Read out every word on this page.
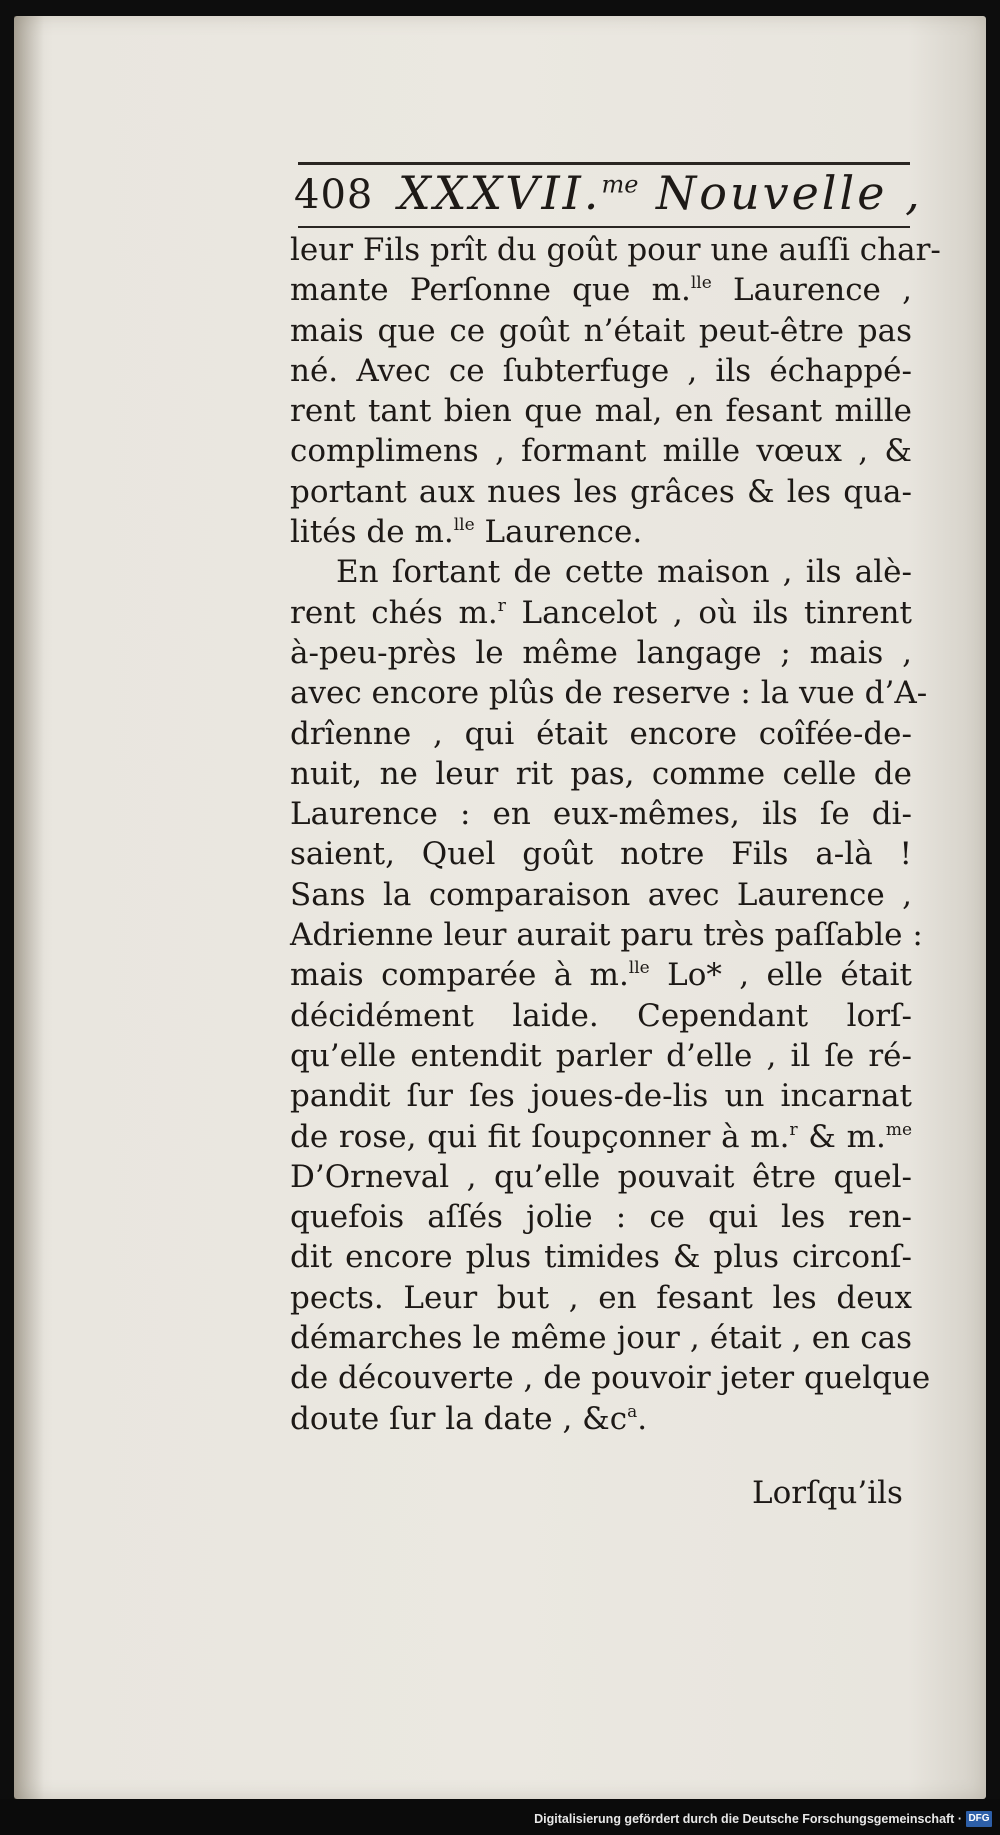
408 XXXVII.$^{me}$ Nouvelle ,
leur Fils prît du goût pour une auſſi char-
mante Perſonne que m.$^{lle}$ Laurence ,
mais que ce goût n’était peut-être pas
né. Avec ce ſubterfuge , ils échappé-
rent tant bien que mal, en fesant mille
complimens , formant mille vœux , &
portant aux nues les grâces & les qua-
lités de m.$^{lle}$ Laurence.
En ſortant de cette maison , ils alè-
rent chés m.$^r$ Lancelot , où ils tinrent
à-peu-près le même langage ; mais ,
avec encore plûs de reserve : la vue d’A-
drîenne , qui était encore coîfée-de-
nuit, ne leur rit pas, comme celle de
Laurence : en eux-mêmes, ils ſe di-
saient, Quel goût notre Fils a-là !
Sans la comparaison avec Laurence ,
Adrienne leur aurait paru très paſſable :
mais comparée à m.$^{lle}$ Lo* , elle était
décidément laide. Cependant lorſ-
qu’elle entendit parler d’elle , il ſe ré-
pandit ſur ſes joues-de-lis un incarnat
de rose, qui fit ſoupçonner à m.$^r$ & m.$^{me}$
D’Orneval , qu’elle pouvait être quel-
quefois aſſés jolie : ce qui les ren-
dit encore plus timides & plus circonſ-
pects. Leur but , en fesant les deux
démarches le même jour , était , en cas
de découverte , de pouvoir jeter quelque
doute ſur la date , $\&c^a$.
Lorſqu’ils
Digitalisierung gefördert durch die Deutsche Forschungsgemeinschaft · DFG
